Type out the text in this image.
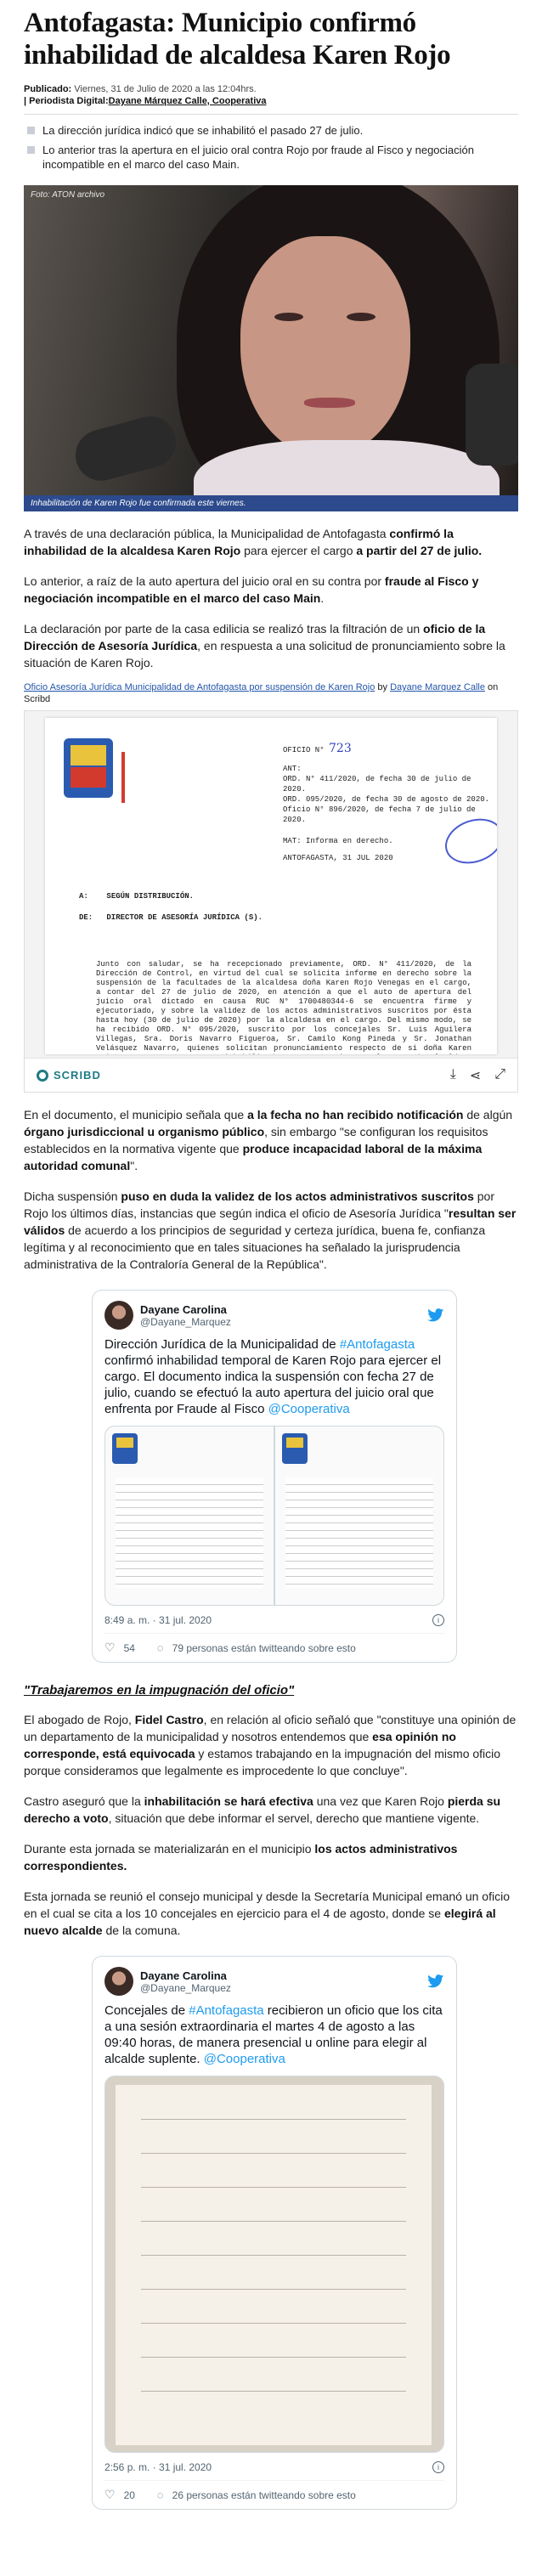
Antofagasta: Municipio confirmó inhabilidad de alcaldesa Karen Rojo
Publicado: Viernes, 31 de Julio de 2020 a las 12:04hrs.
| Periodista Digital:Dayane Márquez Calle, Cooperativa
La dirección jurídica indicó que se inhabilitó el pasado 27 de julio.
Lo anterior tras la apertura en el juicio oral contra Rojo por fraude al Fisco y negociación incompatible en el marco del caso Main.
Foto: ATON archivo
Inhabilitación de Karen Rojo fue confirmada este viernes.

A través de una declaración pública, la Municipalidad de Antofagasta confirmó la inhabilidad de la alcaldesa Karen Rojo para ejercer el cargo a partir del 27 de julio.

Lo anterior, a raíz de la auto apertura del juicio oral en su contra por fraude al Fisco y negociación incompatible en el marco del caso Main.

La declaración por parte de la casa edilicia se realizó tras la filtración de un oficio de la Dirección de Asesoría Jurídica, en respuesta a una solicitud de pronunciamiento sobre la situación de Karen Rojo.

Oficio Asesoría Jurídica Municipalidad de Antofagasta por suspensión de Karen Rojo by Dayane Marquez Calle on Scribd

OFICIO N° 723
ANT:
ORD. N° 411/2020, de fecha 30 de julio de 2020.
ORD. 095/2020, de fecha 30 de agosto de 2020.
Oficio N° 896/2020, de fecha 7 de julio de 2020.
MAT: Informa en derecho.
ANTOFAGASTA, 31 JUL 2020
A: SEGÚN DISTRIBUCIÓN.
DE: DIRECTOR DE ASESORÍA JURÍDICA (S).
Junto con saludar, se ha recepcionado previamente, ORD. N° 411/2020, de la Dirección de Control, en virtud del cual se solicita informe en derecho sobre la suspensión de la facultades de la alcaldesa doña Karen Rojo Venegas en el cargo, a contar del 27 de julio de 2020, en atención a que el auto de apertura del juicio oral dictado en causa RUC N° 1700480344-6 se encuentra firme y ejecutoriado, y sobre la validez de los actos administrativos suscritos por ésta hasta hoy (30 de julio de 2020) por la alcaldesa en el cargo. Del mismo modo, se ha recibido ORD. N° 095/2020, suscrito por los concejales Sr. Luis Aguilera Villegas, Sra. Doris Navarro Figueroa, Sr. Camilo Kong Pineda y Sr. Jonathan Velásquez Navarro, quienes solicitan pronunciamiento respecto de si doña Karen
SCRIBD	⤓ ⋖ ⤢

En el documento, el municipio señala que a la fecha no han recibido notificación de algún órgano jurisdiccional u organismo público, sin embargo "se configuran los requisitos establecidos en la normativa vigente que produce incapacidad laboral de la máxima autoridad comunal".

Dicha suspensión puso en duda la validez de los actos administrativos suscritos por Rojo los últimos días, instancias que según indica el oficio de Asesoría Jurídica "resultan ser válidos de acuerdo a los principios de seguridad y certeza jurídica, buena fe, confianza legítima y al reconocimiento que en tales situaciones ha señalado la jurisprudencia administrativa de la Contraloría General de la República".

Dayane Carolina
@Dayane_Marquez
Dirección Jurídica de la Municipalidad de #Antofagasta confirmó inhabilidad temporal de Karen Rojo para ejercer el cargo. El documento indica la suspensión con fecha 27 de julio, cuando se efectuó la auto apertura del juicio oral que enfrenta por Fraude al Fisco @Cooperativa
8:49 a. m. · 31 jul. 2020	i
♡ 54 ◌ 79 personas están twitteando sobre esto
"Trabajaremos en la impugnación del oficio"

El abogado de Rojo, Fidel Castro, en relación al oficio señaló que "constituye una opinión de un departamento de la municipalidad y nosotros entendemos que esa opinión no corresponde, está equivocada y estamos trabajando en la impugnación del mismo oficio porque consideramos que legalmente es improcedente lo que concluye".

Castro aseguró que la inhabilitación se hará efectiva una vez que Karen Rojo pierda su derecho a voto, situación que debe informar el servel, derecho que mantiene vigente.

Durante esta jornada se materializarán en el municipio los actos administrativos correspondientes.

Esta jornada se reunió el consejo municipal y desde la Secretaría Municipal emanó un oficio en el cual se cita a los 10 concejales en ejercicio para el 4 de agosto, donde se elegirá al nuevo alcalde de la comuna.

Dayane Carolina
@Dayane_Marquez
Concejales de #Antofagasta recibieron un oficio que los cita a una sesión extraordinaria el martes 4 de agosto a las 09:40 horas, de manera presencial u online para elegir al alcalde suplente. @Cooperativa
2:56 p. m. · 31 jul. 2020	i
♡ 20 ◌ 26 personas están twitteando sobre esto
